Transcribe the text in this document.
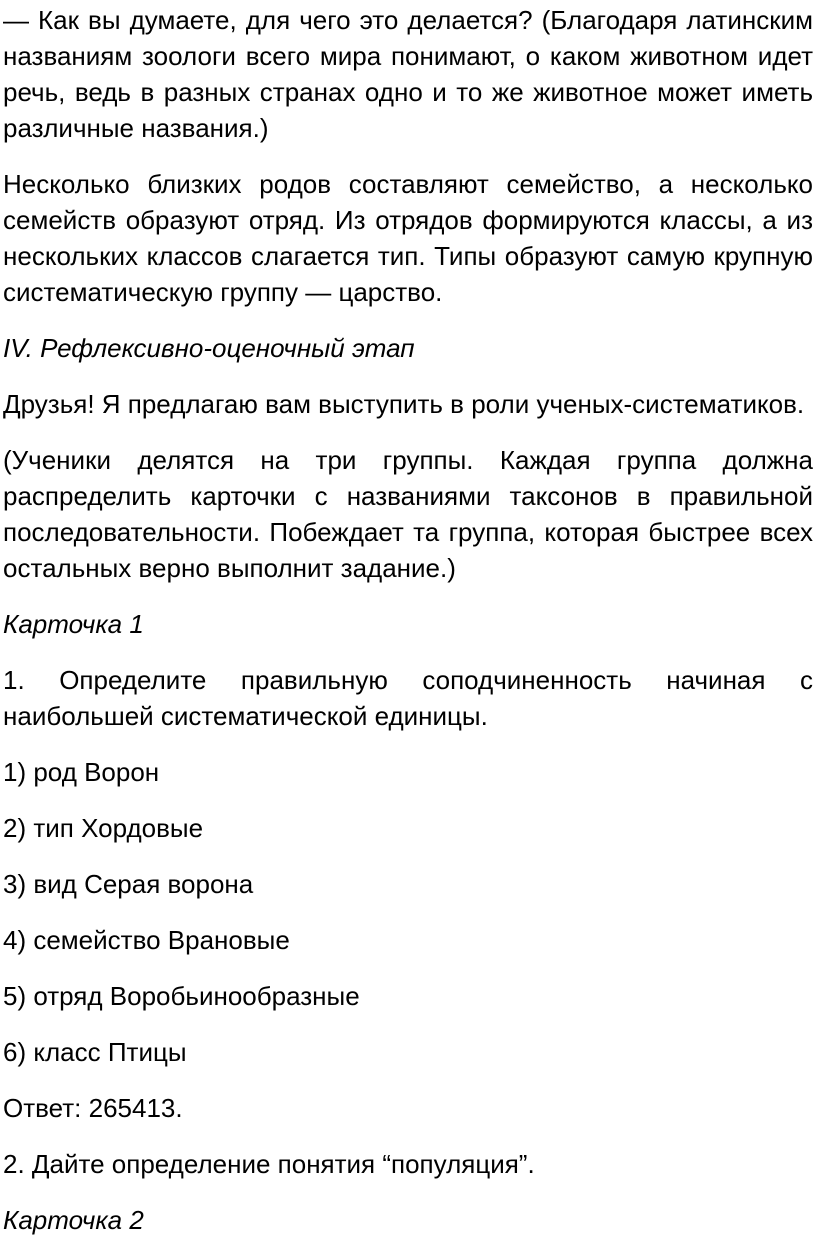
— Как вы думаете, для чего это делается? (Благодаря латинским названиям зоологи всего мира понимают, о каком животном идет речь, ведь в разных странах одно и то же животное может иметь различные названия.)

Несколько близких родов составляют семейство, а несколько семейств образуют отряд. Из отрядов формируются классы, а из нескольких классов слагается тип. Типы образуют самую крупную систематическую группу — царство.

IV. Рефлексивно-оценочный этап

Друзья! Я предлагаю вам выступить в роли ученых-систематиков.

(Ученики делятся на три группы. Каждая группа должна распределить карточки с названиями таксонов в правильной последовательности. Побеждает та группа, которая быстрее всех остальных верно выполнит задание.)

Карточка 1

1. Определите правильную соподчиненность начиная с наибольшей систематической единицы.

1) род Ворон

2) тип Хордовые

3) вид Серая ворона

4) семейство Врановые

5) отряд Воробьинообразные

6) класс Птицы

Ответ: 265413.

2. Дайте определение понятия “популяция”.

Карточка 2
